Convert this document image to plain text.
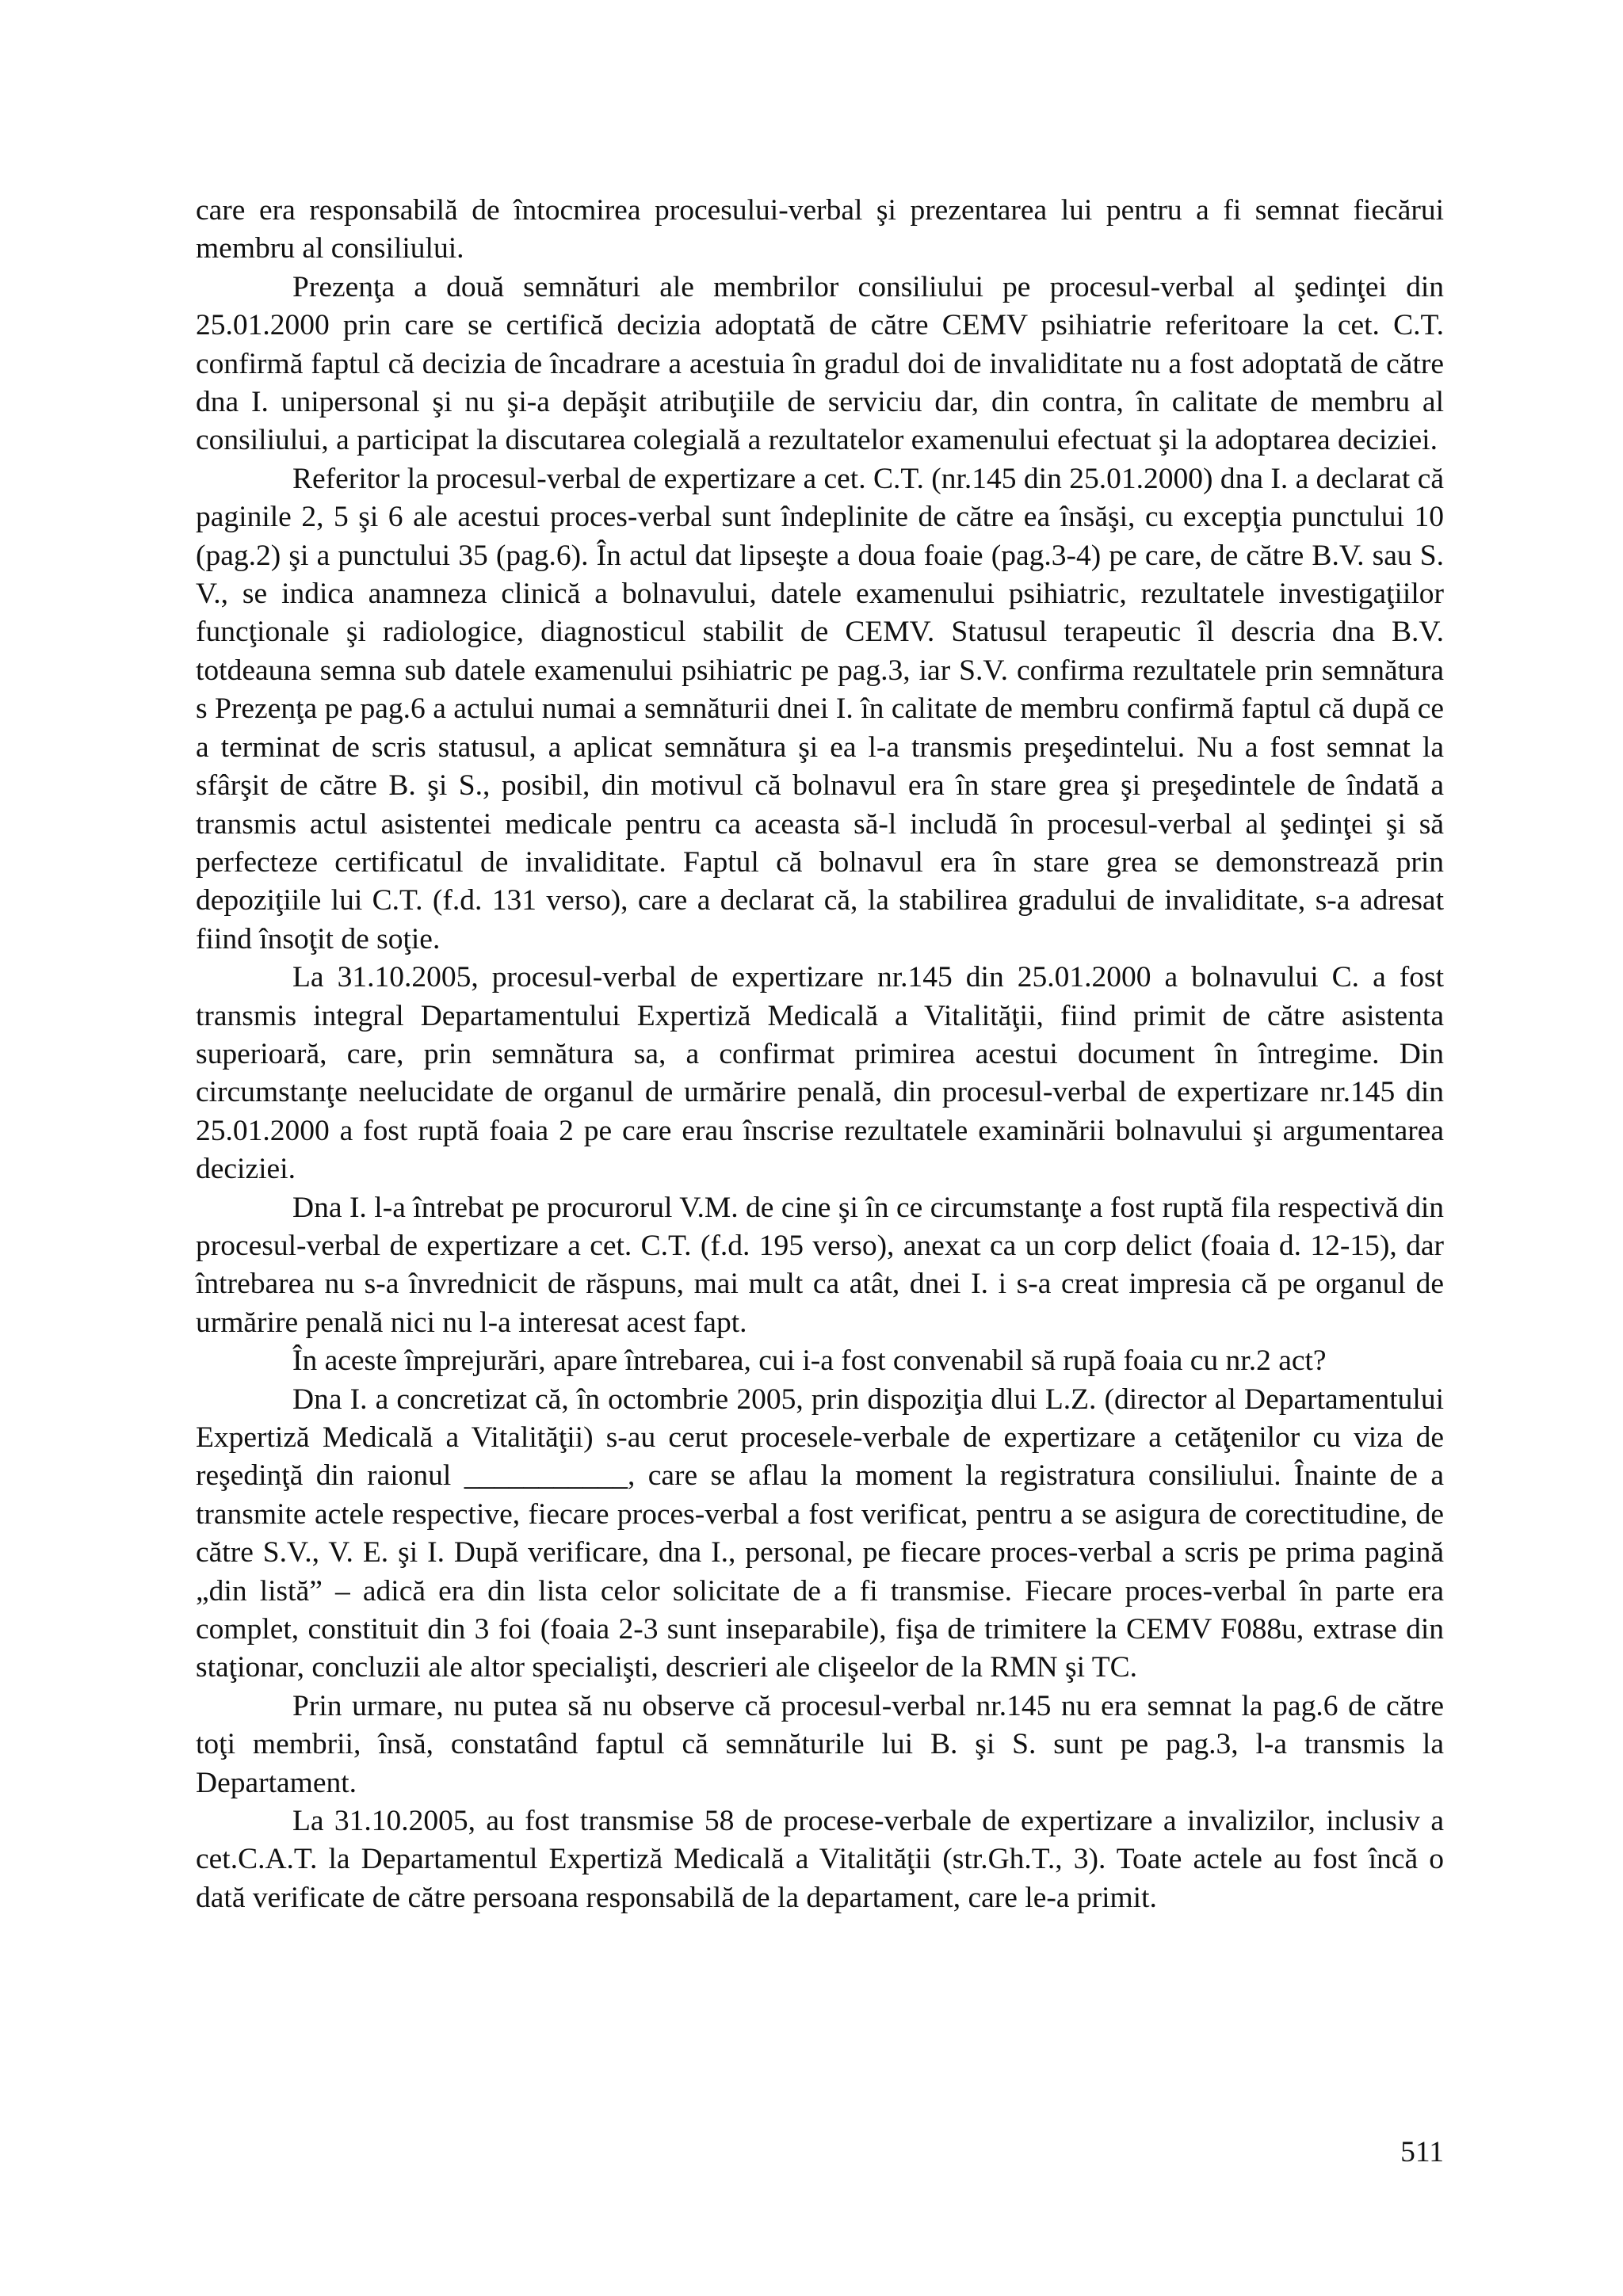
care era responsabilă de întocmirea procesului-verbal şi prezentarea lui pentru a fi semnat fiecărui membru al consiliului.

Prezenţa a două semnături ale membrilor consiliului pe procesul-verbal al şedinţei din 25.01.2000 prin care se certifică decizia adoptată de către CEMV psihiatrie referitoare la cet. C.T. confirmă faptul că decizia de încadrare a acestuia în gradul doi de invaliditate nu a fost adoptată de către dna I. unipersonal şi nu şi-a depăşit atribuţiile de serviciu dar, din contra, în calitate de membru al consiliului, a participat la discutarea colegială a rezultatelor examenului efectuat şi la adoptarea deciziei.

Referitor la procesul-verbal de expertizare a cet. C.T. (nr.145 din 25.01.2000) dna I. a declarat că paginile 2, 5 şi 6 ale acestui proces-verbal sunt îndeplinite de către ea însăşi, cu excepţia punctului 10 (pag.2) şi a punctului 35 (pag.6). În actul dat lipseşte a doua foaie (pag.3-4) pe care, de către B.V. sau S. V., se indica anamneza clinică a bolnavului, datele examenului psihiatric, rezultatele investigaţiilor funcţionale şi radiologice, diagnosticul stabilit de CEMV. Statusul terapeutic îl descria dna B.V. totdeauna semna sub datele examenului psihiatric pe pag.3, iar S.V. confirma rezultatele prin semnătura s Prezenţa pe pag.6 a actului numai a semnăturii dnei I. în calitate de membru confirmă faptul că după ce a terminat de scris statusul, a aplicat semnătura şi ea l-a transmis preşedintelui. Nu a fost semnat la sfârşit de către B. şi S., posibil, din motivul că bolnavul era în stare grea şi preşedintele de îndată a transmis actul asistentei medicale pentru ca aceasta să-l includă în procesul-verbal al şedinţei şi să perfecteze certificatul de invaliditate. Faptul că bolnavul era în stare grea se demonstrează prin depoziţiile lui C.T. (f.d. 131 verso), care a declarat că, la stabilirea gradului de invaliditate, s-a adresat fiind însoţit de soţie.

La 31.10.2005, procesul-verbal de expertizare nr.145 din 25.01.2000 a bolnavului C. a fost transmis integral Departamentului Expertiză Medicală a Vitalităţii, fiind primit de către asistenta superioară, care, prin semnătura sa, a confirmat primirea acestui document în întregime. Din circumstanţe neelucidate de organul de urmărire penală, din procesul-verbal de expertizare nr.145 din 25.01.2000 a fost ruptă foaia 2 pe care erau înscrise rezultatele examinării bolnavului şi argumentarea deciziei.

Dna I. l-a întrebat pe procurorul V.M. de cine şi în ce circumstanţe a fost ruptă fila respectivă din procesul-verbal de expertizare a cet. C.T. (f.d. 195 verso), anexat ca un corp delict (foaia d. 12-15), dar întrebarea nu s-a învrednicit de răspuns, mai mult ca atât, dnei I. i s-a creat impresia că pe organul de urmărire penală nici nu l-a interesat acest fapt.

În aceste împrejurări, apare întrebarea, cui i-a fost convenabil să rupă foaia cu nr.2 act?

Dna I. a concretizat că, în octombrie 2005, prin dispoziţia dlui L.Z. (director al Departamentului Expertiză Medicală a Vitalităţii) s-au cerut procesele-verbale de expertizare a cetăţenilor cu viza de reşedinţă din raionul ___________, care se aflau la moment la registratura consiliului. Înainte de a transmite actele respective, fiecare proces-verbal a fost verificat, pentru a se asigura de corectitudine, de către S.V., V. E. şi I. După verificare, dna I., personal, pe fiecare proces-verbal a scris pe prima pagină „din listă” – adică era din lista celor solicitate de a fi transmise. Fiecare proces-verbal în parte era complet, constituit din 3 foi (foaia 2-3 sunt inseparabile), fişa de trimitere la CEMV F088u, extrase din staţionar, concluzii ale altor specialişti, descrieri ale clişeelor de la RMN şi TC.

Prin urmare, nu putea să nu observe că procesul-verbal nr.145 nu era semnat la pag.6 de către toţi membrii, însă, constatând faptul că semnăturile lui B. şi S. sunt pe pag.3, l-a transmis la Departament.

La 31.10.2005, au fost transmise 58 de procese-verbale de expertizare a invalizilor, inclusiv a cet.C.A.T. la Departamentul Expertiză Medicală a Vitalităţii (str.Gh.T., 3). Toate actele au fost încă o dată verificate de către persoana responsabilă de la departament, care le-a primit.

511
